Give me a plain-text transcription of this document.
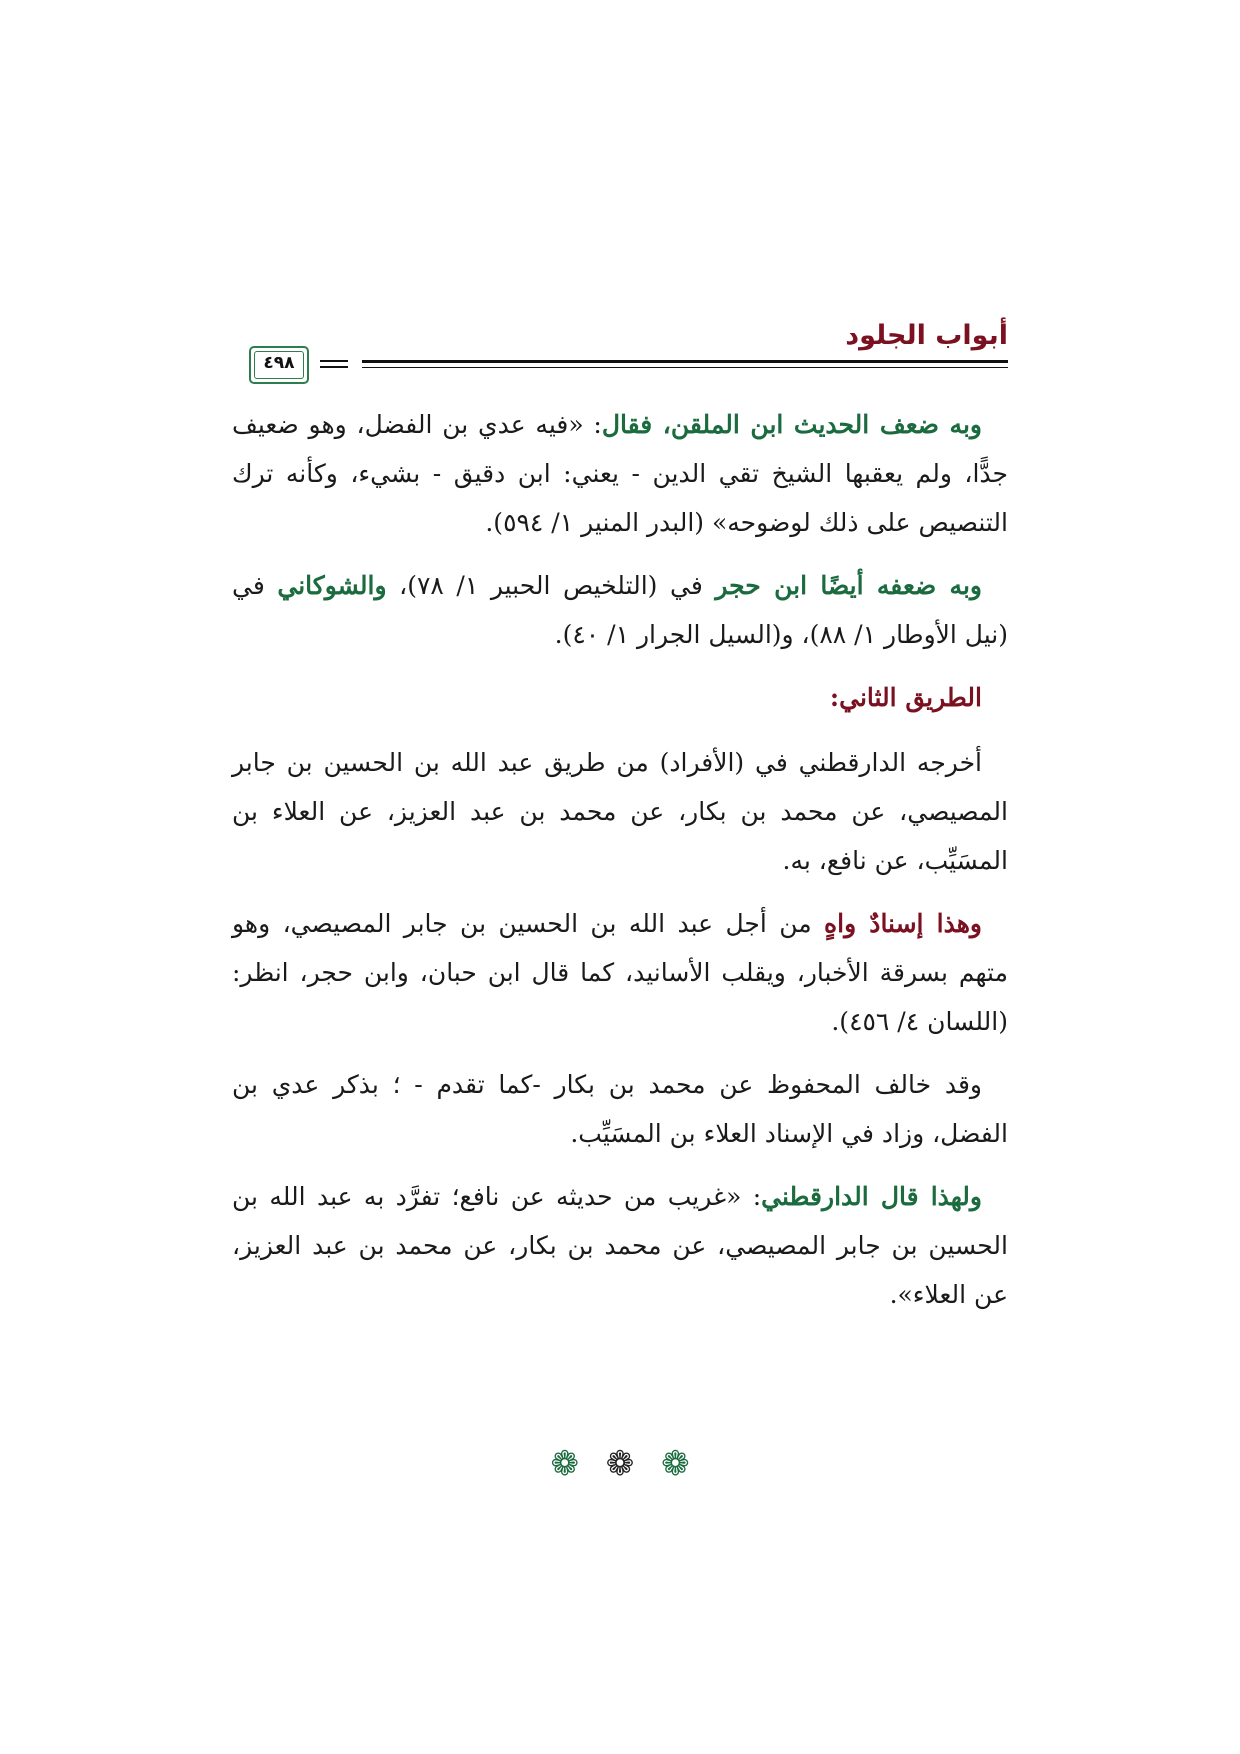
أبواب الجلود
٤٩٨

وبه ضعف الحديث ابن الملقن، فقال: «فيه عدي بن الفضل، وهو ضعيف جدًّا، ولم يعقبها الشيخ تقي الدين - يعني: ابن دقيق - بشيء، وكأنه ترك التنصيص على ذلك لوضوحه» (البدر المنير ١/ ٥٩٤).

وبه ضعفه أيضًا ابن حجر في (التلخيص الحبير ١/ ٧٨)، والشوكاني في (نيل الأوطار ١/ ٨٨)، و(السيل الجرار ١/ ٤٠).

الطريق الثاني:

أخرجه الدارقطني في (الأفراد) من طريق عبد الله بن الحسين بن جابر المصيصي، عن محمد بن بكار، عن محمد بن عبد العزيز، عن العلاء بن المسَيِّب، عن نافع، به.

وهذا إسنادٌ واهٍ من أجل عبد الله بن الحسين بن جابر المصيصي، وهو متهم بسرقة الأخبار، ويقلب الأسانيد، كما قال ابن حبان، وابن حجر، انظر: (اللسان ٤/ ٤٥٦).

وقد خالف المحفوظ عن محمد بن بكار -كما تقدم - ؛ بذكر عدي بن الفضل، وزاد في الإسناد العلاء بن المسَيِّب.

ولهذا قال الدارقطني: «غريب من حديثه عن نافع؛ تفرَّد به عبد الله بن الحسين بن جابر المصيصي، عن محمد بن بكار، عن محمد بن عبد العزيز، عن العلاء».

❁ ❁ ❁
